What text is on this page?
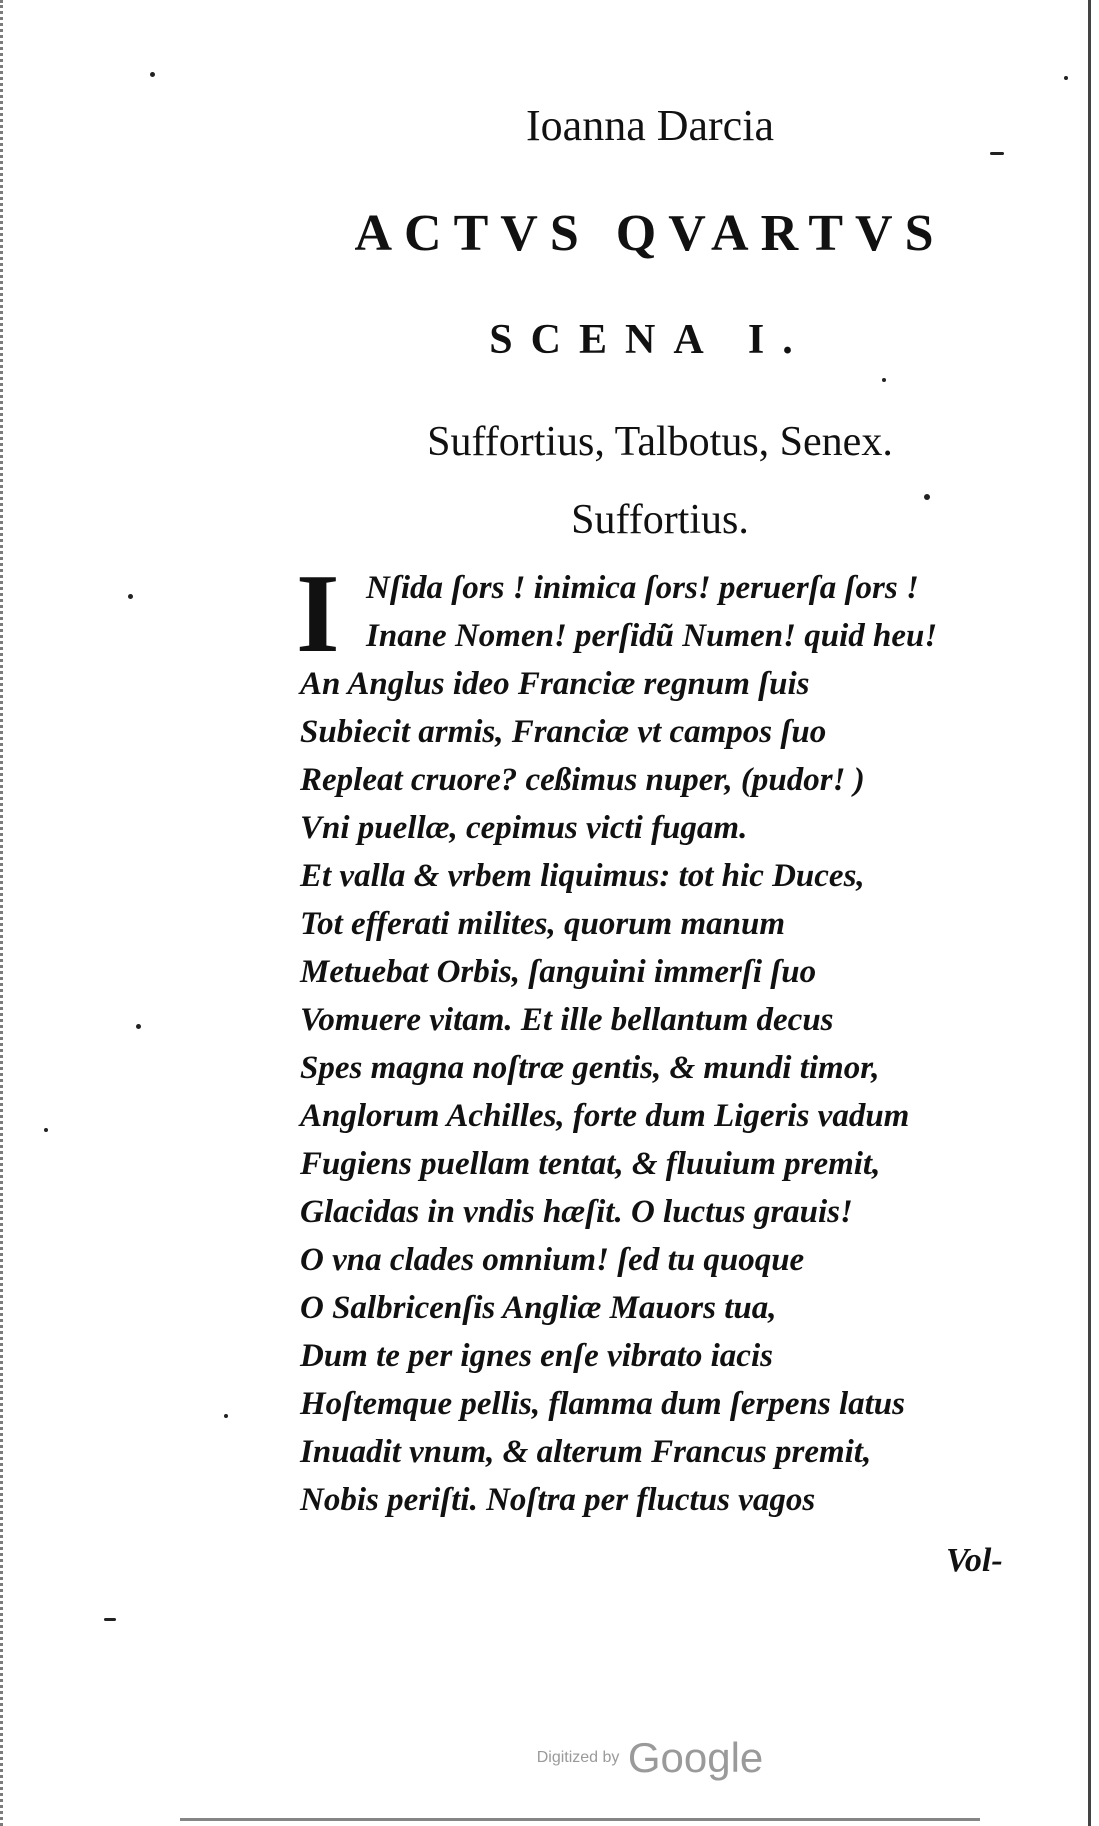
Ioanna Darcia
ACTVS QVARTVS
SCENA I.
Suffortius, Talbotus, Senex.
Suffortius.
I Nſida ſors ! inimica ſors! peruerſa ſors !
Inane Nomen! perſidũ Numen! quid heu!
An Anglus ideo Franciæ regnum ſuis
Subiecit armis, Franciæ vt campos ſuo
Repleat cruore? ceßimus nuper, (pudor! )
Vni puellæ, cepimus victi fugam.
Et valla & vrbem liquimus: tot hic Duces,
Tot efferati milites, quorum manum
Metuebat Orbis, ſanguini immerſi ſuo
Vomuere vitam. Et ille bellantum decus
Spes magna noſtræ gentis, & mundi timor,
Anglorum Achilles, forte dum Ligeris vadum
Fugiens puellam tentat, & fluuium premit,
Glacidas in vndis hæſit. O luctus grauis!
O vna clades omnium! ſed tu quoque
O Salbricenſis Angliæ Mauors tua,
Dum te per ignes enſe vibrato iacis
Hoſtemque pellis, flamma dum ſerpens latus
Inuadit vnum, & alterum Francus premit,
Nobis periſti. Noſtra per fluctus vagos
Vol-
Digitized by Google
